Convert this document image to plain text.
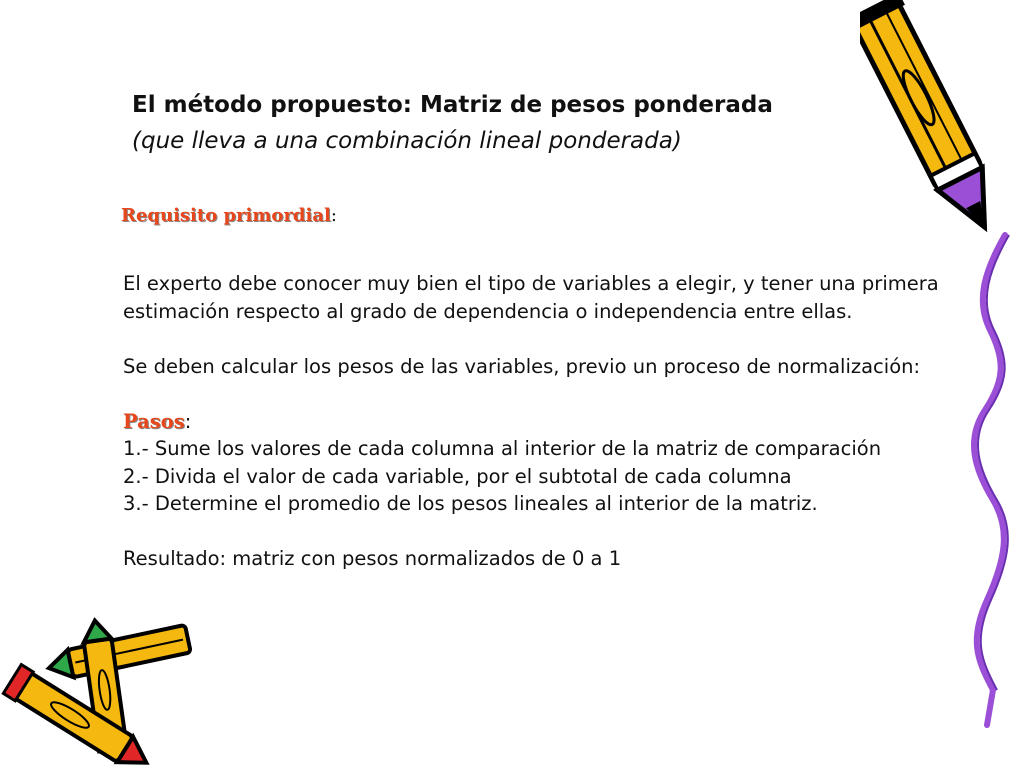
El método propuesto: Matriz de pesos ponderada
(que lleva a una combinación lineal ponderada)
Requisito primordial:

El experto debe conocer muy bien el tipo de variables a elegir, y tener una primera estimación respecto al grado de dependencia o independencia entre ellas.

Se deben calcular los pesos de las variables, previo un proceso de normalización:

Pasos:

1.- Sume los valores de cada columna al interior de la matriz de comparación

2.- Divida el valor de cada variable, por el subtotal de cada columna

3.- Determine el promedio de los pesos lineales al interior de la matriz.

Resultado: matriz con pesos normalizados de 0 a 1
